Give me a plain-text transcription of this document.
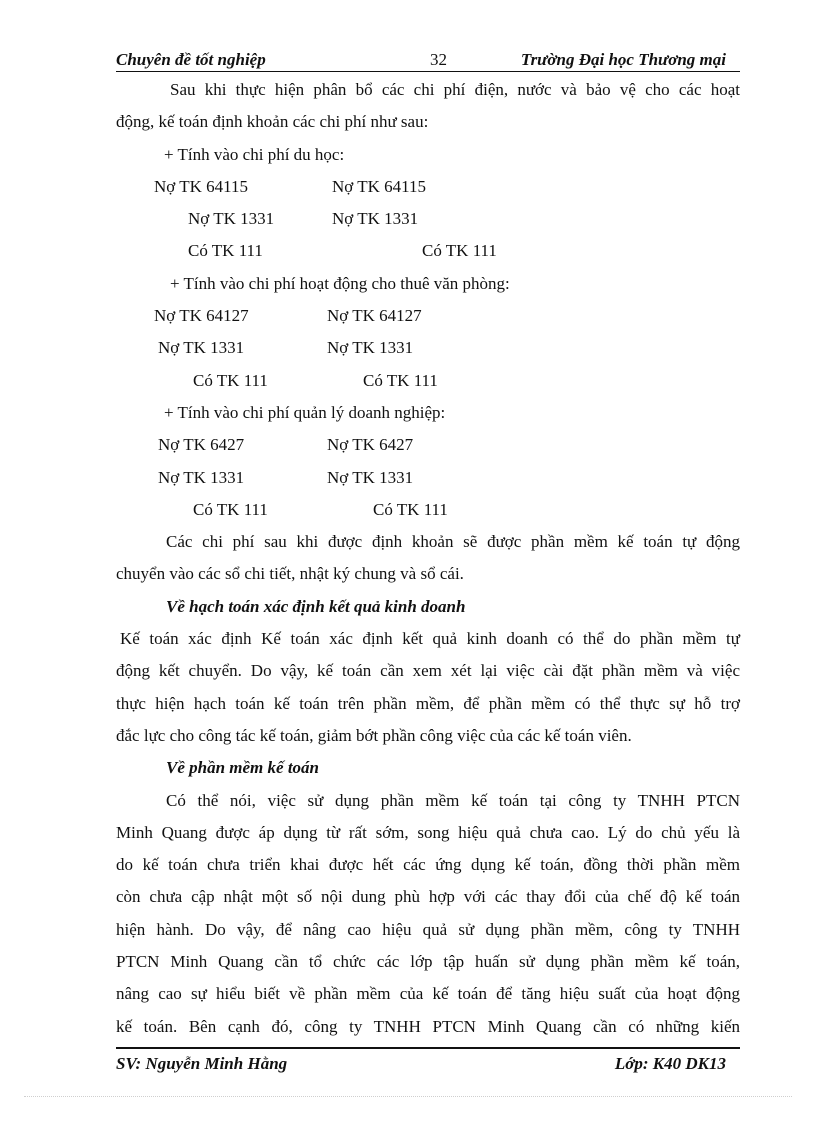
Chuyên đề tốt nghiệp	32	Trường Đại học Thương mại
Sau khi thực hiện phân bổ các chi phí điện, nước và bảo vệ cho các hoạt
động, kế toán định khoản các chi phí như sau:
+ Tính vào chi phí du học:
Nợ TK 64115	Nợ TK 64115
Nợ TK 1331	Nợ TK 1331
Có TK 111	Có TK 111
+ Tính vào chi phí hoạt động cho thuê văn phòng:
Nợ TK 64127	Nợ TK 64127
Nợ TK 1331	Nợ TK 1331
Có TK 111	Có TK 111
+ Tính vào chi phí quản lý doanh nghiệp:
Nợ TK 6427	Nợ TK 6427
Nợ TK 1331	Nợ TK 1331
Có TK 111	Có TK 111
Các chi phí sau khi được định khoản sẽ được phần mềm kế toán tự động
chuyển vào các sổ chi tiết, nhật ký chung và sổ cái.
Về hạch toán xác định kết quả kinh doanh
Kế toán xác định Kế toán xác định kết quả kinh doanh có thể do phần mềm tự
động kết chuyển. Do vậy, kế toán cần xem xét lại việc cài đặt phần mềm và việc
thực hiện hạch toán kế toán trên phần mềm, để phần mềm có thể thực sự hỗ trợ
đắc lực cho công tác kế toán, giảm bớt phần công việc của các kế toán viên.
Về phần mềm kế toán
Có thể nói, việc sử dụng phần mềm kế toán tại công ty TNHH PTCN
Minh Quang được áp dụng từ rất sớm, song hiệu quả chưa cao. Lý do chủ yếu là
do kế toán chưa triển khai được hết các ứng dụng kế toán, đồng thời phần mềm
còn chưa cập nhật một số nội dung phù hợp với các thay đổi của chế độ kế toán
hiện hành. Do vậy, để nâng cao hiệu quả sử dụng phần mềm, công ty TNHH
PTCN Minh Quang cần tổ chức các lớp tập huấn sử dụng phần mềm kế toán,
nâng cao sự hiểu biết về phần mềm của kế toán để tăng hiệu suất của hoạt động
kế toán. Bên cạnh đó, công ty TNHH PTCN Minh Quang cần có những kiến
SV: Nguyễn Minh Hằng	Lớp: K40 DK13
